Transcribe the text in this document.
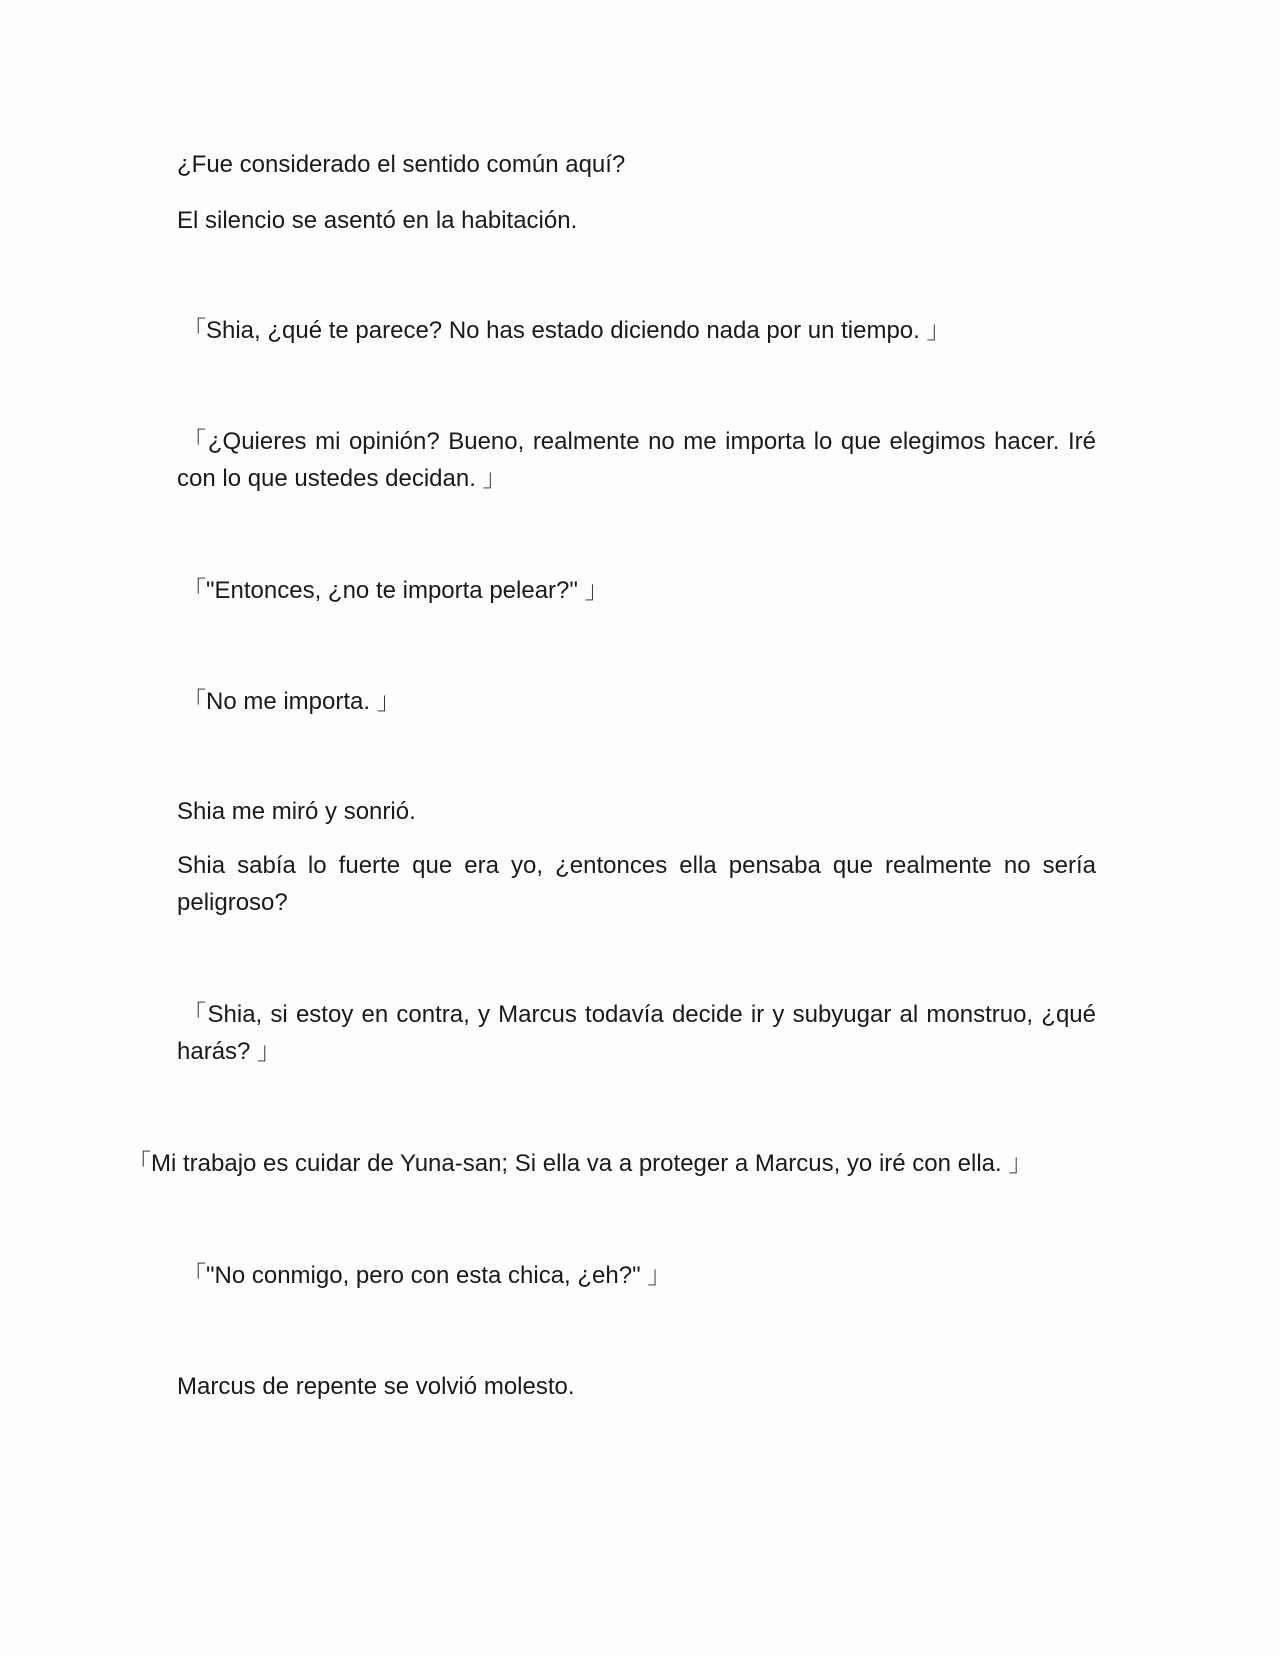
¿Fue considerado el sentido común aquí?

El silencio se asentó en la habitación.

「Shia, ¿qué te parece? No has estado diciendo nada por un tiempo. 」

「¿Quieres mi opinión? Bueno, realmente no me importa lo que elegimos hacer. Iré con lo que ustedes decidan. 」

「"Entonces, ¿no te importa pelear?" 」

「No me importa. 」

Shia me miró y sonrió.

Shia sabía lo fuerte que era yo, ¿entonces ella pensaba que realmente no sería peligroso?

「Shia, si estoy en contra, y Marcus todavía decide ir y subyugar al monstruo, ¿qué harás? 」

「Mi trabajo es cuidar de Yuna-san; Si ella va a proteger a Marcus, yo iré con ella. 」

「"No conmigo, pero con esta chica, ¿eh?" 」

Marcus de repente se volvió molesto.
